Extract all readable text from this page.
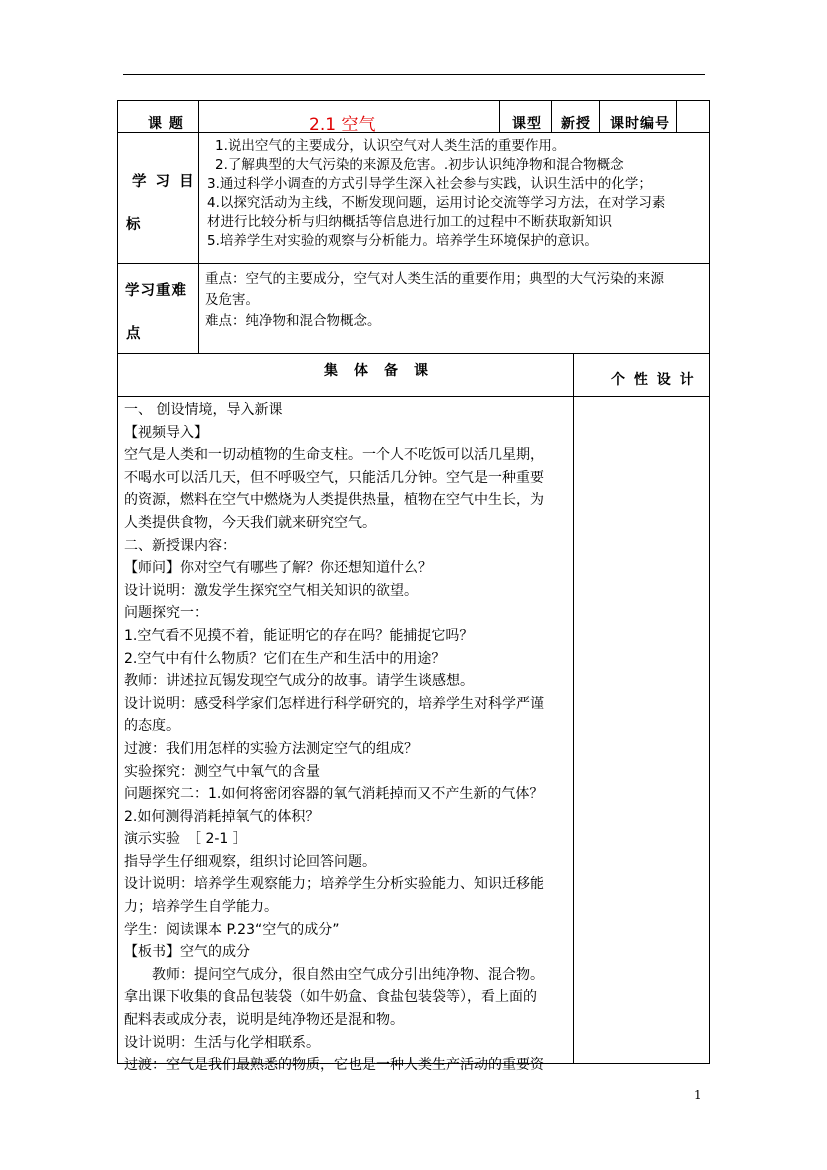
课 题	2.1 空气	课型 新授 课时编号
学 习 目
标
1.说出空气的主要成分，认识空气对人类生活的重要作用。
2.了解典型的大气污染的来源及危害。.初步认识纯净物和混合物概念
3.通过科学小调查的方式引导学生深入社会参与实践，认识生活中的化学；
4.以探究活动为主线，不断发现问题，运用讨论交流等学习方法，在对学习素
材进行比较分析与归纳概括等信息进行加工的过程中不断获取新知识
5.培养学生对实验的观察与分析能力。培养学生环境保护的意识。
学习重难
点
重点：空气的主要成分，空气对人类生活的重要作用；典型的大气污染的来源
及危害。
难点：纯净物和混合物概念。
集　体　备　课
个 性 设 计
一、 创设情境，导入新课
【视频导入】
空气是人类和一切动植物的生命支柱。一个人不吃饭可以活几星期，
不喝水可以活几天，但不呼吸空气，只能活几分钟。空气是一种重要
的资源，燃料在空气中燃烧为人类提供热量，植物在空气中生长，为
人类提供食物，今天我们就来研究空气。
二、新授课内容：
【师问】你对空气有哪些了解？你还想知道什么？
设计说明：激发学生探究空气相关知识的欲望。
问题探究一：
1.空气看不见摸不着，能证明它的存在吗？能捕捉它吗？
2.空气中有什么物质？它们在生产和生活中的用途？
教师：讲述拉瓦锡发现空气成分的故事。请学生谈感想。
设计说明：感受科学家们怎样进行科学研究的，培养学生对科学严谨
的态度。
过渡：我们用怎样的实验方法测定空气的组成？
实验探究：测空气中氧气的含量
问题探究二：1.如何将密闭容器的氧气消耗掉而又不产生新的气体？
2.如何测得消耗掉氧气的体积？
演示实验　［ 2-1 ］
指导学生仔细观察，组织讨论回答问题。
设计说明：培养学生观察能力；培养学生分析实验能力、知识迁移能
力；培养学生自学能力。
学生：阅读课本 P.23“空气的成分”
【板书】空气的成分
　　教师：提问空气成分，很自然由空气成分引出纯净物、混合物。
拿出课下收集的食品包装袋（如牛奶盒、食盐包装袋等），看上面的
配料表或成分表，说明是纯净物还是混和物。
设计说明：生活与化学相联系。
过渡：空气是我们最熟悉的物质，它也是一种人类生产活动的重要资
1
